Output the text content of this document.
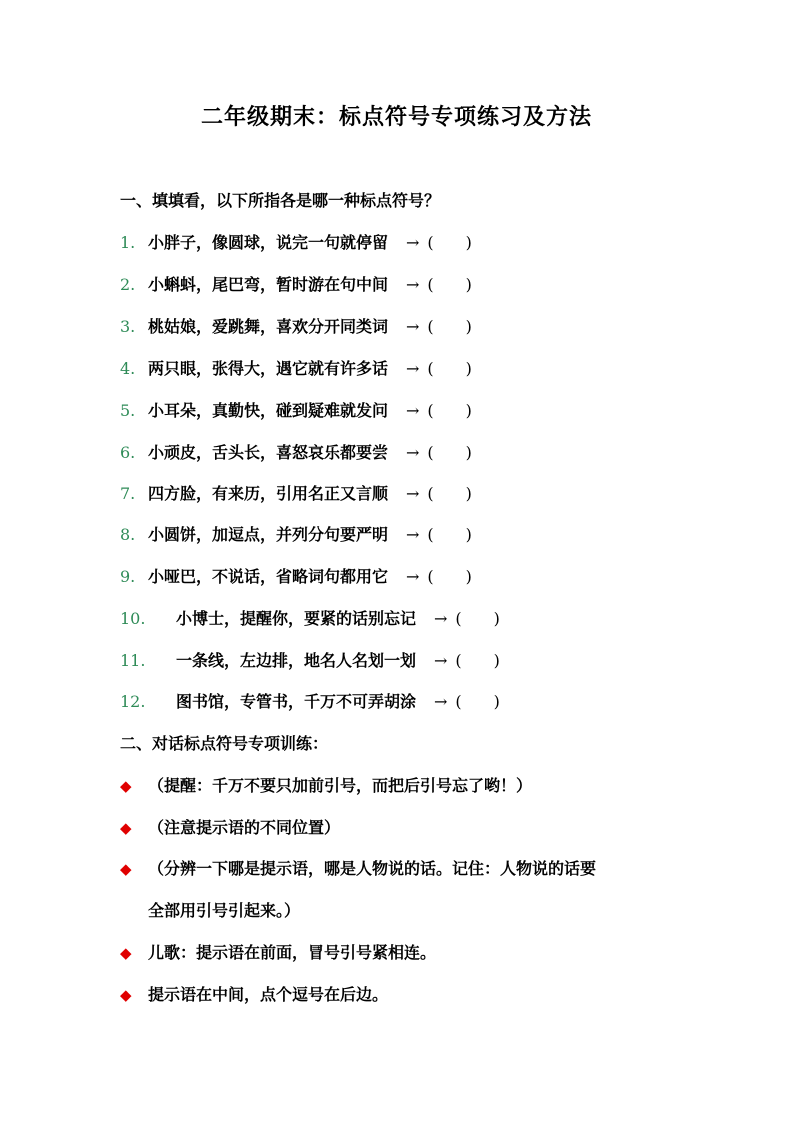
二年级期末：标点符号专项练习及方法
一、填填看，以下所指各是哪一种标点符号？
1. 小胖子，像圆球，说完一句就停留 → (　　)
2. 小蝌蚪，尾巴弯，暂时游在句中间 → (　　)
3. 桃姑娘，爱跳舞，喜欢分开同类词 → (　　)
4. 两只眼，张得大，遇它就有许多话 → (　　)
5. 小耳朵，真勤快，碰到疑难就发问 → (　　)
6. 小顽皮，舌头长，喜怒哀乐都要尝 → (　　)
7. 四方脸，有来历，引用名正又言顺 → (　　)
8. 小圆饼，加逗点，并列分句要严明 → (　　)
9. 小哑巴，不说话，省略词句都用它 → (　　)
10. 小博士，提醒你，要紧的话别忘记 → (　　)
11. 一条线，左边排，地名人名划一划 → (　　)
12. 图书馆，专管书，千万不可弄胡涂 → (　　)
二、对话标点符号专项训练：
◆ （提醒：千万不要只加前引号，而把后引号忘了哟！）
◆ （注意提示语的不同位置）
◆ （分辨一下哪是提示语，哪是人物说的话。记住：人物说的话要
全部用引号引起来。）
◆ 儿歌：提示语在前面，冒号引号紧相连。
◆ 提示语在中间，点个逗号在后边。
